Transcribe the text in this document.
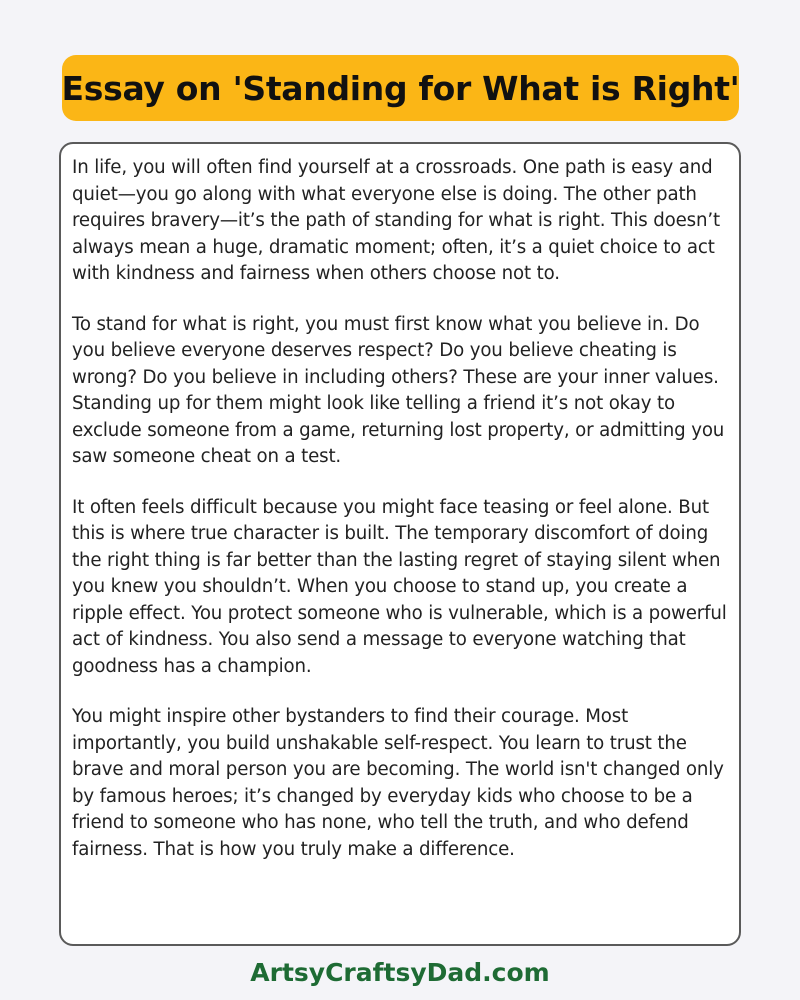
Essay on 'Standing for What is Right'

In life, you will often find yourself at a crossroads. One path is easy and quiet—you go along with what everyone else is doing. The other path requires bravery—it’s the path of standing for what is right. This doesn’t always mean a huge, dramatic moment; often, it’s a quiet choice to act with kindness and fairness when others choose not to.

To stand for what is right, you must first know what you believe in. Do you believe everyone deserves respect? Do you believe cheating is wrong? Do you believe in including others? These are your inner values. Standing up for them might look like telling a friend it’s not okay to exclude someone from a game, returning lost property, or admitting you saw someone cheat on a test.

It often feels difficult because you might face teasing or feel alone. But this is where true character is built. The temporary discomfort of doing the right thing is far better than the lasting regret of staying silent when you knew you shouldn’t. When you choose to stand up, you create a ripple effect. You protect someone who is vulnerable, which is a powerful act of kindness. You also send a message to everyone watching that goodness has a champion.

You might inspire other bystanders to find their courage. Most importantly, you build unshakable self-respect. You learn to trust the brave and moral person you are becoming. The world isn't changed only by famous heroes; it’s changed by everyday kids who choose to be a friend to someone who has none, who tell the truth, and who defend fairness. That is how you truly make a difference.

ArtsyCraftsyDad.com
